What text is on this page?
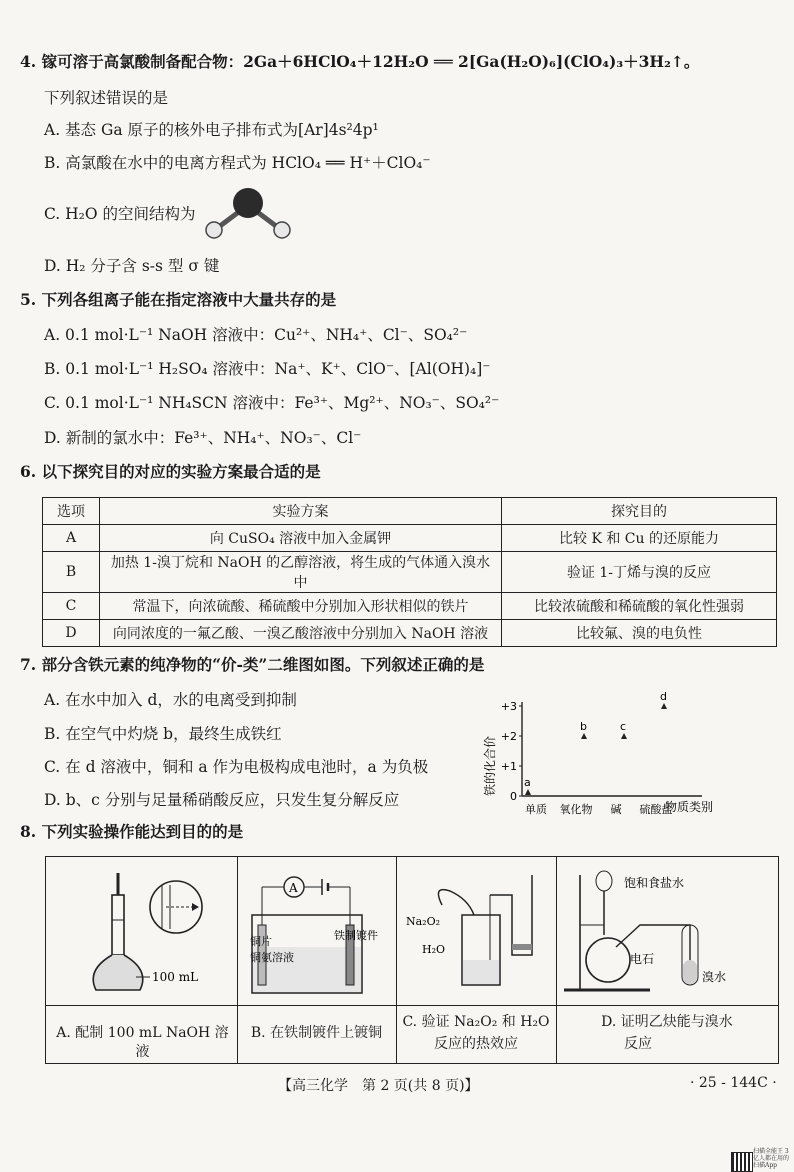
4. 镓可溶于高氯酸制备配合物：2Ga＋6HClO₄＋12H₂O ══ 2[Ga(H₂O)₆](ClO₄)₃＋3H₂↑。
下列叙述错误的是
A. 基态 Ga 原子的核外电子排布式为[Ar]4s²4p¹
B. 高氯酸在水中的电离方程式为 HClO₄ ══ H⁺＋ClO₄⁻
C. H₂O 的空间结构为
D. H₂ 分子含 s-s 型 σ 键
5. 下列各组离子能在指定溶液中大量共存的是
A. 0.1 mol·L⁻¹ NaOH 溶液中：Cu²⁺、NH₄⁺、Cl⁻、SO₄²⁻
B. 0.1 mol·L⁻¹ H₂SO₄ 溶液中：Na⁺、K⁺、ClO⁻、[Al(OH)₄]⁻
C. 0.1 mol·L⁻¹ NH₄SCN 溶液中：Fe³⁺、Mg²⁺、NO₃⁻、SO₄²⁻
D. 新制的氯水中：Fe³⁺、NH₄⁺、NO₃⁻、Cl⁻
6. 以下探究目的对应的实验方案最合适的是
选项	实验方案	探究目的
A	向 CuSO₄ 溶液中加入金属钾	比较 K 和 Cu 的还原能力
B	加热 1-溴丁烷和 NaOH 的乙醇溶液，将生成的气体通入溴水中	验证 1-丁烯与溴的反应
C	常温下，向浓硫酸、稀硫酸中分别加入形状相似的铁片	比较浓硫酸和稀硫酸的氧化性强弱
D	向同浓度的一氟乙酸、一溴乙酸溶液中分别加入 NaOH 溶液	比较氟、溴的电负性
7. 部分含铁元素的纯净物的“价-类”二维图如图。下列叙述正确的是
A. 在水中加入 d，水的电离受到抑制
B. 在空气中灼烧 b，最终生成铁红
C. 在 d 溶液中，铜和 a 作为电极构成电池时，a 为负极
D. b、c 分别与足量稀硝酸反应，只发生复分解反应	0
+1
+2
+3
单质 氧化物 碱 硫酸盐
a
b	c
d
铁的化合价
物质类别
8. 下列实验操作能达到目的的是
100 mL
A
铜片
铜氨溶液
铁制镀件
Na₂O₂
H₂O
饱和食盐水
电石
溴水
A. 配制 100 mL NaOH 溶液
B. 在铁制镀件上镀铜
C. 验证 Na₂O₂ 和 H₂O
反应的热效应
D. 证明乙炔能与溴水
反应
【高三化学　第 2 页(共 8 页)】	· 25 - 144C ·
扫描全能王 3亿人都在用的扫描App
